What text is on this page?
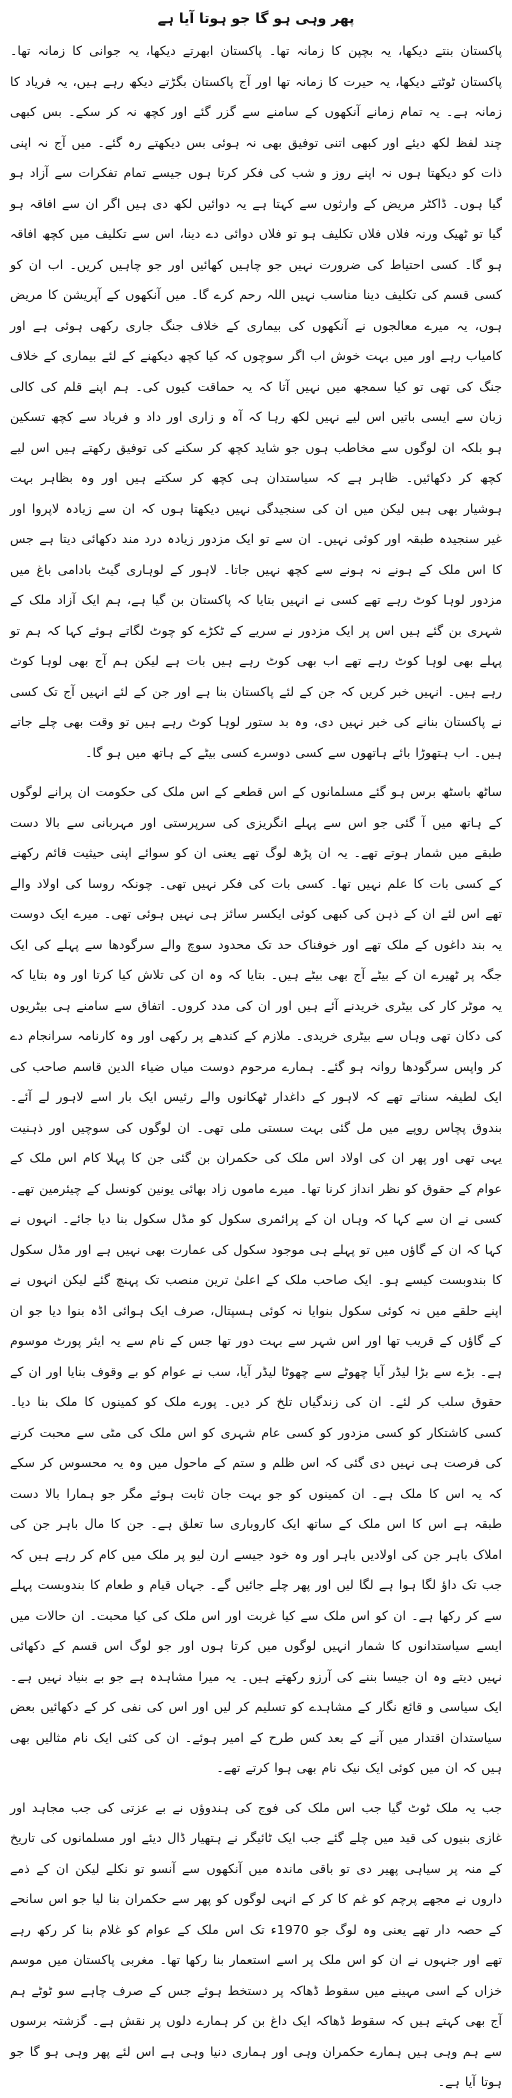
پھر وہی ہو گا جو ہوتا آیا ہے

پاکستان بنتے دیکھا، یہ بچپن کا زمانہ تھا۔ پاکستان ابھرتے دیکھا، یہ جوانی کا زمانہ تھا۔ پاکستان ٹوٹتے دیکھا، یہ حیرت کا زمانہ تھا اور آج پاکستان بگڑتے دیکھ رہے ہیں، یہ فریاد کا زمانہ ہے۔ یہ تمام زمانے آنکھوں کے سامنے سے گزر گئے اور کچھ نہ کر سکے۔ بس کبھی چند لفظ لکھ دیئے اور کبھی اتنی توفیق بھی نہ ہوئی بس دیکھتے رہ گئے۔ میں آج نہ اپنی ذات کو دیکھتا ہوں نہ اپنے روز و شب کی فکر کرتا ہوں جیسے تمام تفکرات سے آزاد ہو گیا ہوں۔ ڈاکٹر مریض کے وارثوں سے کہتا ہے یہ دوائیں لکھ دی ہیں اگر ان سے افاقہ ہو گیا تو ٹھیک ورنہ فلاں فلاں تکلیف ہو تو فلاں دوائی دے دینا، اس سے تکلیف میں کچھ افاقہ ہو گا۔ کسی احتیاط کی ضرورت نہیں جو چاہیں کھائیں اور جو چاہیں کریں۔ اب ان کو کسی قسم کی تکلیف دینا مناسب نہیں اللہ رحم کرے گا۔ میں آنکھوں کے آپریشن کا مریض ہوں، یہ میرے معالجوں نے آنکھوں کی بیماری کے خلاف جنگ جاری رکھی ہوئی ہے اور کامیاب رہے اور میں بہت خوش اب اگر سوچوں کہ کیا کچھ دیکھنے کے لئے بیماری کے خلاف جنگ کی تھی تو کیا سمجھ میں نہیں آتا کہ یہ حماقت کیوں کی۔ ہم اپنے قلم کی کالی زبان سے ایسی باتیں اس لیے نہیں لکھ رہا کہ آہ و زاری اور داد و فریاد سے کچھ تسکین ہو بلکہ ان لوگوں سے مخاطب ہوں جو شاید کچھ کر سکنے کی توفیق رکھتے ہیں اس لیے کچھ کر دکھائیں۔ ظاہر ہے کہ سیاستدان ہی کچھ کر سکتے ہیں اور وہ بظاہر بہت ہوشیار بھی ہیں لیکن میں ان کی سنجیدگی نہیں دیکھتا ہوں کہ ان سے زیادہ لاپروا اور غیر سنجیدہ طبقہ اور کوئی نہیں۔ ان سے تو ایک مزدور زیادہ درد مند دکھائی دیتا ہے جس کا اس ملک کے ہونے نہ ہونے سے کچھ نہیں جاتا۔ لاہور کے لوہاری گیٹ بادامی باغ میں مزدور لوہا کوٹ رہے تھے کسی نے انہیں بتایا کہ پاکستان بن گیا ہے، ہم ایک آزاد ملک کے شہری بن گئے ہیں اس پر ایک مزدور نے سریے کے ٹکڑے کو چوٹ لگاتے ہوئے کہا کہ ہم تو پہلے بھی لوہا کوٹ رہے تھے اب بھی کوٹ رہے ہیں بات ہے لیکن ہم آج بھی لوہا کوٹ رہے ہیں۔ انہیں خبر کریں کہ جن کے لئے پاکستان بنا ہے اور جن کے لئے انہیں آج تک کسی نے پاکستان بنانے کی خبر نہیں دی، وہ بد ستور لوہا کوٹ رہے ہیں تو وقت بھی چلے جاتے ہیں۔ اب ہتھوڑا بائے ہاتھوں سے کسی دوسرے کسی بیٹے کے ہاتھ میں ہو گا۔

ساٹھ باسٹھ برس ہو گئے مسلمانوں کے اس قطعے کے اس ملک کی حکومت ان پرانے لوگوں کے ہاتھ میں آ گئی جو اس سے پہلے انگریزی کی سرپرستی اور مہربانی سے بالا دست طبقے میں شمار ہوتے تھے۔ یہ ان پڑھ لوگ تھے یعنی ان کو سوائے اپنی حیثیت قائم رکھنے کے کسی بات کا علم نہیں تھا۔ کسی بات کی فکر نہیں تھی۔ چونکہ روسا کی اولاد والے تھے اس لئے ان کے ذہن کی کبھی کوئی ایکسر سائز ہی نہیں ہوئی تھی۔ میرے ایک دوست یہ بند داغوں کے ملک تھے اور خوفناک حد تک محدود سوچ والے سرگودھا سے پہلے کی ایک جگہ پر ٹھیرے ان کے بیٹے آج بھی بیٹے ہیں۔ بتایا کہ وہ ان کی تلاش کیا کرتا اور وہ بتایا کہ یہ موٹر کار کی بیٹری خریدنے آئے ہیں اور ان کی مدد کروں۔ اتفاق سے سامنے ہی بیٹریوں کی دکان تھی وہاں سے بیٹری خریدی۔ ملازم کے کندھے پر رکھی اور وہ کارنامہ سرانجام دے کر واپس سرگودھا روانہ ہو گئے۔ ہمارے مرحوم دوست میاں ضیاء الدین قاسم صاحب کی ایک لطیفہ سناتے تھے کہ لاہور کے داغدار ٹھکانوں والے رئیس ایک بار اسے لاہور لے آئے۔ بندوق پچاس روپے میں مل گئی بہت سستی ملی تھی۔ ان لوگوں کی سوچیں اور ذہنیت یہی تھی اور پھر ان کی اولاد اس ملک کی حکمران بن گئی جن کا پہلا کام اس ملک کے عوام کے حقوق کو نظر انداز کرنا تھا۔ میرے ماموں زاد بھائی یونین کونسل کے چیئرمین تھے۔ کسی نے ان سے کہا کہ وہاں ان کے پرائمری سکول کو مڈل سکول بنا دیا جائے۔ انہوں نے کہا کہ ان کے گاؤں میں تو پہلے ہی موجود سکول کی عمارت بھی نہیں ہے اور مڈل سکول کا بندوبست کیسے ہو۔ ایک صاحب ملک کے اعلیٰ ترین منصب تک پہنچ گئے لیکن انہوں نے اپنے حلقے میں نہ کوئی سکول بنوایا نہ کوئی ہسپتال، صرف ایک ہوائی اڈہ بنوا دیا جو ان کے گاؤں کے قریب تھا اور اس شہر سے بہت دور تھا جس کے نام سے یہ ایئر پورٹ موسوم ہے۔ بڑے سے بڑا لیڈر آیا چھوٹے سے چھوٹا لیڈر آیا، سب نے عوام کو بے وقوف بنایا اور ان کے حقوق سلب کر لئے۔ ان کی زندگیاں تلخ کر دیں۔ پورے ملک کو کمینوں کا ملک بنا دیا۔ کسی کاشتکار کو کسی مزدور کو کسی عام شہری کو اس ملک کی مٹی سے محبت کرنے کی فرصت ہی نہیں دی گئی کہ اس ظلم و ستم کے ماحول میں وہ یہ محسوس کر سکے کہ یہ اس کا ملک ہے۔ ان کمینوں کو جو بہت جان ثابت ہوئے مگر جو ہمارا بالا دست طبقہ ہے اس کا اس ملک کے ساتھ ایک کاروباری سا تعلق ہے۔ جن کا مال باہر جن کی املاک باہر جن کی اولادیں باہر اور وہ خود جیسے ارن لیو پر ملک میں کام کر رہے ہیں کہ جب تک داؤ لگا ہوا ہے لگا لیں اور پھر چلے جائیں گے۔ جہاں قیام و طعام کا بندوبست پہلے سے کر رکھا ہے۔ ان کو اس ملک سے کیا غربت اور اس ملک کی کیا محبت۔ ان حالات میں ایسے سیاستدانوں کا شمار انہیں لوگوں میں کرتا ہوں اور جو لوگ اس قسم کے دکھائی نہیں دیتے وہ ان جیسا بننے کی آرزو رکھتے ہیں۔ یہ میرا مشاہدہ ہے جو بے بنیاد نہیں ہے۔ ایک سیاسی و قائع نگار کے مشاہدے کو تسلیم کر لیں اور اس کی نفی کر کے دکھائیں بعض سیاستدان اقتدار میں آنے کے بعد کس طرح کے امیر ہوئے۔ ان کی کئی ایک نام مثالیں بھی ہیں کہ ان میں کوئی ایک نیک نام بھی ہوا کرتے تھے۔

جب یہ ملک ٹوٹ گیا جب اس ملک کی فوج کی ہندوؤں نے بے عزتی کی جب مجاہد اور غازی بنیوں کی قید میں چلے گئے جب ایک ٹائیگر نے ہتھیار ڈال دیئے اور مسلمانوں کی تاریخ کے منہ پر سیاہی پھیر دی تو باقی ماندہ میں آنکھوں سے آنسو تو نکلے لیکن ان کے ذمے داروں نے مجھے پرچم کو غم کا کر کے انہی لوگوں کو پھر سے حکمران بنا لیا جو اس سانحے کے حصہ دار تھے یعنی وہ لوگ جو 1970ء تک اس ملک کے عوام کو غلام بنا کر رکھ رہے تھے اور جنہوں نے ان کو اس ملک پر اسے استعمار بنا رکھا تھا۔ مغربی پاکستان میں موسم خزاں کے اسی مہینے میں سقوط ڈھاکہ پر دستخط ہوئے جس کے صرف چاہے سو ٹوٹے ہم آج بھی کہتے ہیں کہ سقوط ڈھاکہ ایک داغ بن کر ہمارے دلوں پر نقش ہے۔ گزشتہ برسوں سے ہم وہی ہیں ہمارے حکمران وہی اور ہماری دنیا وہی ہے اس لئے پھر وہی ہو گا جو ہوتا آیا ہے۔
